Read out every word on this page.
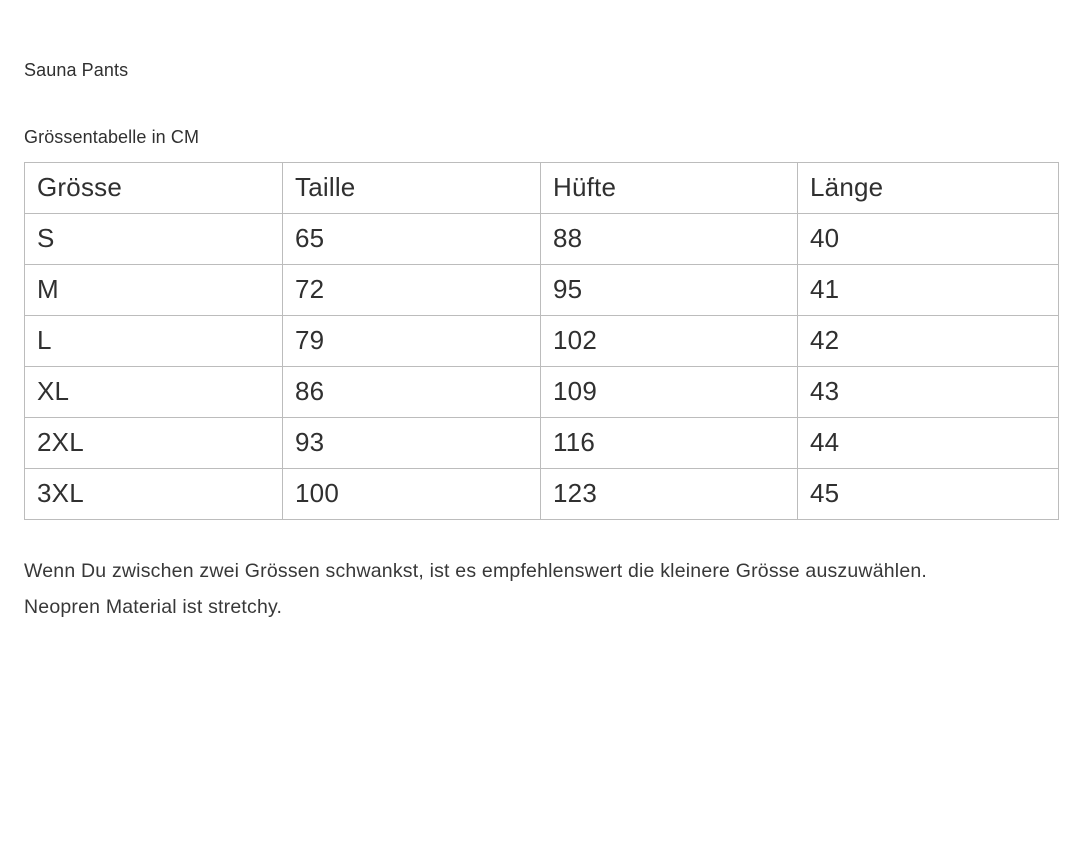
Sauna Pants
Grössentabelle in CM
Grösse	Taille	Hüfte	Länge
S	65	88	40
M	72	95	41
L	79	102	42
XL	86	109	43
2XL	93	116	44
3XL	100	123	45
Wenn Du zwischen zwei Grössen schwankst, ist es empfehlenswert die kleinere Grösse auszuwählen. Neopren Material ist stretchy.
